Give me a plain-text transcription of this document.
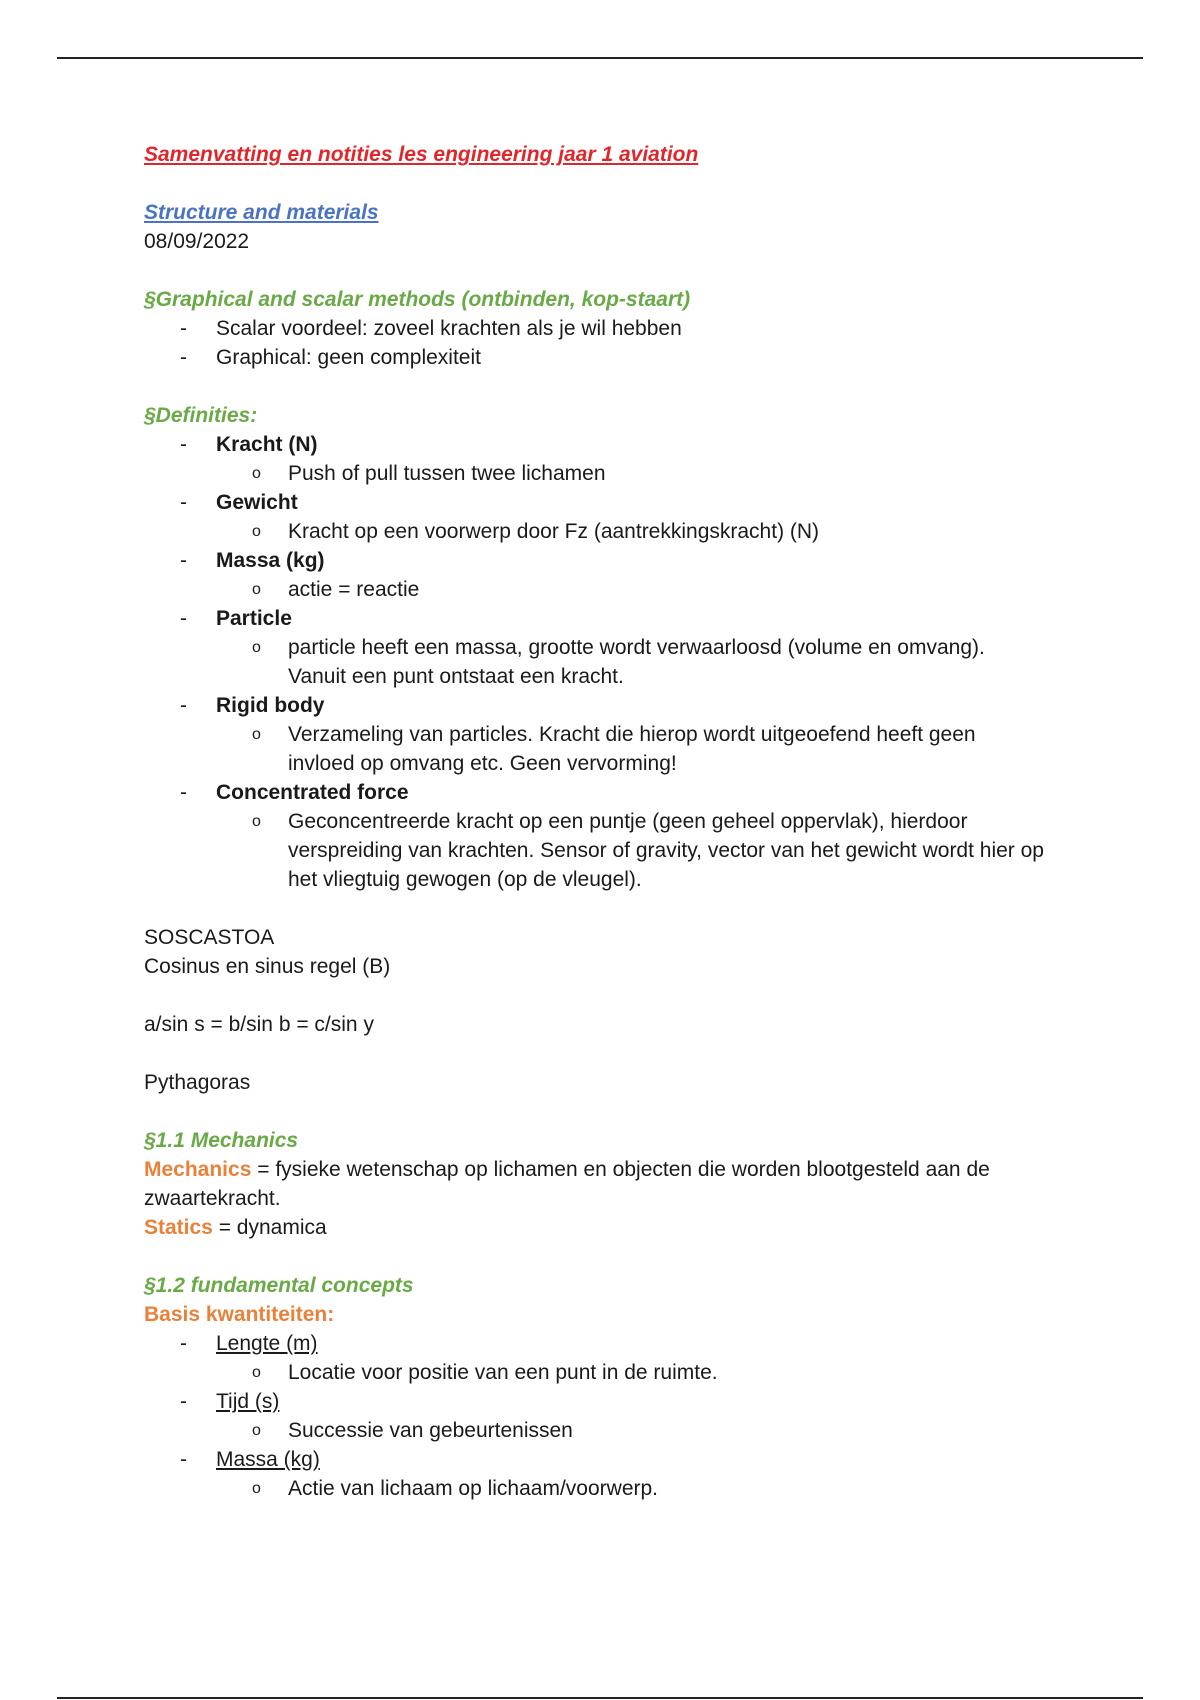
Samenvatting en notities les engineering jaar 1 aviation

Structure and materials

08/09/2022

§Graphical and scalar methods (ontbinden, kop-staart)

- Scalar voordeel: zoveel krachten als je wil hebben
- Graphical: geen complexiteit

§Definities:

- Kracht (N)
o Push of pull tussen twee lichamen
- Gewicht
o Kracht op een voorwerp door Fz (aantrekkingskracht) (N)
- Massa (kg)
o actie = reactie
- Particle
o particle heeft een massa, grootte wordt verwaarloosd (volume en omvang). Vanuit een punt ontstaat een kracht.
- Rigid body
o Verzameling van particles. Kracht die hierop wordt uitgeoefend heeft geen invloed op omvang etc. Geen vervorming!
- Concentrated force
o Geconcentreerde kracht op een puntje (geen geheel oppervlak), hierdoor verspreiding van krachten. Sensor of gravity, vector van het gewicht wordt hier op het vliegtuig gewogen (op de vleugel).

SOSCASTOA

Cosinus en sinus regel (B)

a/sin s = b/sin b = c/sin y

Pythagoras

§1.1 Mechanics

Mechanics = fysieke wetenschap op lichamen en objecten die worden blootgesteld aan de zwaartekracht.

Statics = dynamica

§1.2 fundamental concepts

Basis kwantiteiten:

- Lengte (m)
o Locatie voor positie van een punt in de ruimte.
- Tijd (s)
o Successie van gebeurtenissen
- Massa (kg)
o Actie van lichaam op lichaam/voorwerp.
